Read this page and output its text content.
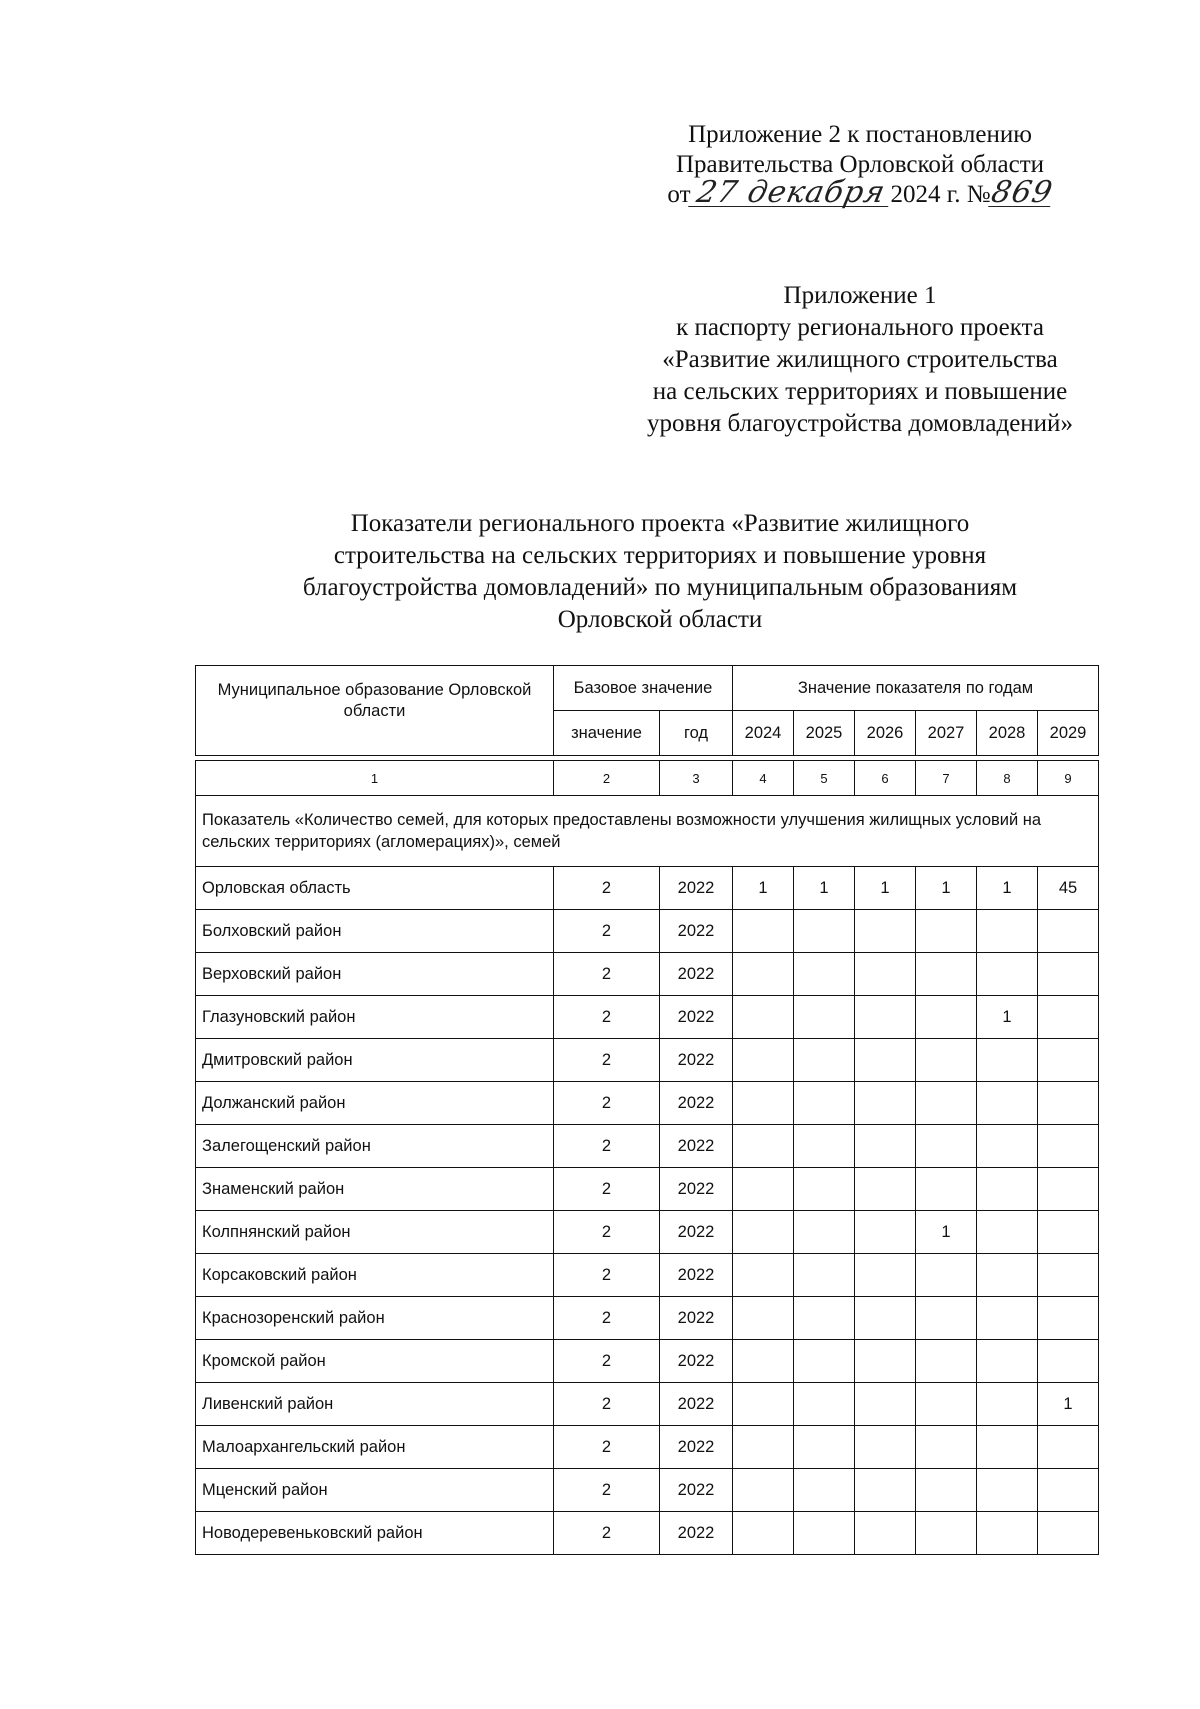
Приложение 2 к постановлению
Правительства Орловской области
от27 декабря2024 г. №869
Приложение 1
к паспорту регионального проекта
«Развитие жилищного строительства
на сельских территориях и повышение
уровня благоустройства домовладений»
Показатели регионального проекта «Развитие жилищного
строительства на сельских территориях и повышение уровня
благоустройства домовладений» по муниципальным образованиям
Орловской области
Муниципальное образование Орловской области	Базовое значение		Значение показателя по годам					
	значение	год	2024	2025	2026	2027	2028	2029

1	2	3	4	5	6	7	8	9
Показатель «Количество семей, для которых предоставлены возможности улучшения жилищных условий на сельских территориях (агломерациях)», семей								
Орловская область	2	2022	1	1	1	1	1	45
Болховский район	2	2022						
Верховский район	2	2022						
Глазуновский район	2	2022					1	
Дмитровский район	2	2022						
Должанский район	2	2022						
Залегощенский район	2	2022						
Знаменский район	2	2022						
Колпнянский район	2	2022				1		
Корсаковский район	2	2022						
Краснозоренский район	2	2022						
Кромской район	2	2022						
Ливенский район	2	2022						1
Малоархангельский район	2	2022						
Мценский район	2	2022						
Новодеревеньковский район	2	2022						
